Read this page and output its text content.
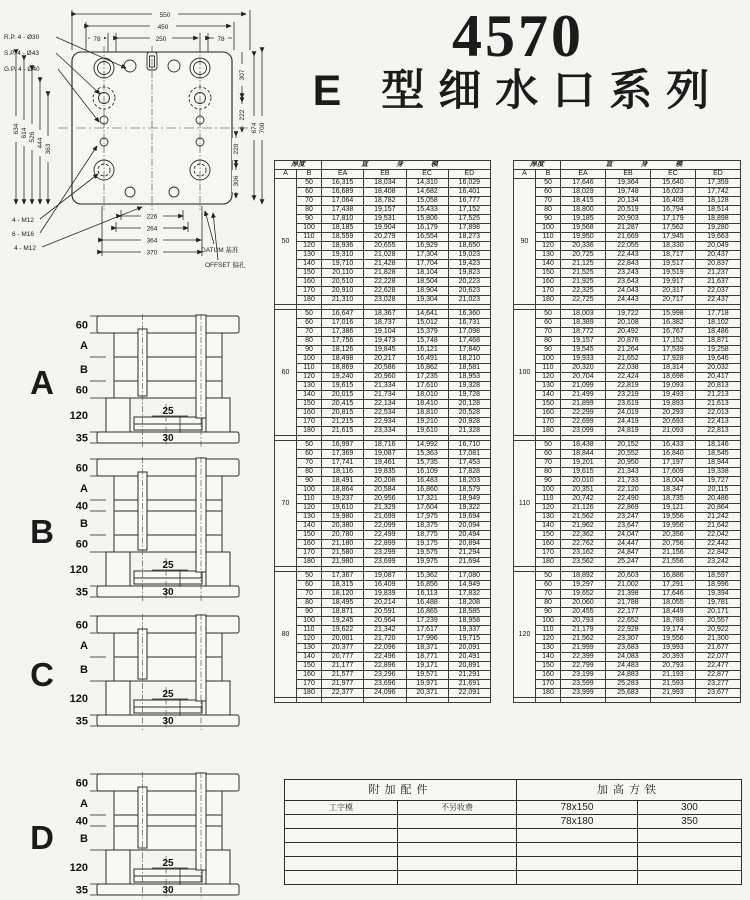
R.P. 4 - Ø30
S.P. 4 - Ø43
G.P. 4 - Ø40
550
450
78	250	78
634 614 526
444
363
307
222
220
306
674 700
226
264
364
370
4 - M12
6 - M16
4 - M12	DATUM 基准
OFFSET 偏孔
4570
E 型细水口系列
厚度		直 身 模			
A	B	EA	EB	EC	ED
50	50	16,315	18,034	14,310	16,029
	60	16,689	18,408	14,682	16,401
	70	17,064	18,782	15,058	16,777
	80	17,438	19,157	15,433	17,152
	90	17,810	19,531	15,806	17,525
	100	18,185	19,904	16,179	17,898
	110	18,559	20,279	16,554	18,273
	120	18,936	20,655	16,929	18,650
	130	19,310	21,028	17,304	19,023
	140	19,710	21,428	17,704	19,423
	150	20,110	21,828	18,104	19,823
	160	20,510	22,228	18,504	20,223
	170	20,910	22,628	18,904	20,623
	180	21,310	23,028	19,304	21,023

60	50	16,647	18,367	14,641	16,360
	60	17,016	18,737	15,012	16,731
	70	17,386	19,104	15,379	17,098
	80	17,756	19,473	15,748	17,468
	90	18,126	19,845	16,121	17,840
	100	18,498	20,217	16,491	18,210
	110	18,869	20,586	16,862	18,581
	120	19,240	20,960	17,235	18,953
	130	19,615	21,334	17,610	19,328
	140	20,015	21,734	18,010	19,728
	150	20,415	22,134	18,410	20,128
	160	20,815	22,534	18,810	20,528
	170	21,215	22,934	19,210	20,928
	180	21,615	23,334	19,610	21,328

70	50	16,997	18,716	14,992	16,710
	60	17,369	19,087	15,363	17,081
	70	17,741	19,461	15,735	17,453
	80	18,116	19,835	16,109	17,828
	90	18,491	20,208	16,483	18,203
	100	18,864	20,584	16,860	18,579
	110	19,237	20,956	17,321	18,949
	120	19,610	21,329	17,604	19,322
	130	19,980	21,699	17,975	19,694
	140	20,380	22,099	18,375	20,094
	150	20,780	22,499	18,775	20,494
	160	21,180	22,899	19,175	20,894
	170	21,580	23,299	19,575	21,294
	180	21,980	23,699	19,975	21,694

80	50	17,367	19,087	15,362	17,080
	60	18,315	16,409	16,856	14,949
	70	18,120	19,839	16,113	17,832
	80	18,495	20,214	16,488	18,208
	90	18,871	20,591	16,865	18,585
	100	19,245	20,964	17,239	18,958
	110	19,622	21,342	17,617	19,337
	120	20,001	21,720	17,996	19,715
	130	20,377	22,096	18,371	20,091
	140	20,777	22,496	18,771	20,491
	150	21,177	22,896	19,171	20,891
	160	21,577	23,296	19,571	21,291
	170	21,977	23,696	19,971	21,691
	180	22,377	24,096	20,371	22,091

厚度		直 身 模			
A	B	EA	EB	EC	ED
90	50	17,646	19,364	15,640	17,359
	60	18,029	19,748	16,023	17,742
	70	18,415	20,134	16,409	18,128
	80	18,800	20,519	16,794	18,514
	90	19,185	20,903	17,179	18,898
	100	19,568	21,287	17,562	19,280
	110	19,950	21,669	17,945	19,663
	120	20,336	22,055	18,330	20,049
	130	20,725	22,443	18,717	20,437
	140	21,125	22,843	19,517	20,837
	150	21,525	23,243	19,519	21,237
	160	21,925	23,643	19,917	21,637
	170	22,325	24,043	20,317	22,037
	180	22,725	24,443	20,717	22,437

100	50	18,003	19,722	15,998	17,718
	60	18,389	20,108	16,382	18,102
	70	18,772	20,492	16,767	18,486
	80	19,157	20,876	17,152	18,871
	90	19,545	21,264	17,539	19,258
	100	19,933	21,652	17,928	19,646
	110	20,320	22,038	18,314	20,032
	120	20,704	22,424	18,698	20,417
	130	21,099	22,819	19,093	20,813
	140	21,499	23,219	19,493	21,213
	150	21,899	23,619	19,893	21,613
	160	22,299	24,019	20,293	22,013
	170	22,699	24,419	20,693	22,413
	180	23,099	24,819	21,093	22,813

110	50	18,438	20,152	16,433	18,146
	60	18,844	20,552	16,840	18,545
	70	19,201	20,950	17,197	18,944
	80	19,615	21,343	17,609	19,338
	90	20,010	21,733	18,004	19,727
	100	20,351	22,120	18,347	20,115
	110	20,742	22,490	18,735	20,486
	120	21,126	22,869	19,121	20,864
	130	21,562	23,247	19,556	21,242
	140	21,962	23,647	19,956	21,642
	150	22,362	24,047	20,356	22,042
	160	22,762	24,447	20,756	22,442
	170	23,162	24,847	21,156	22,842
	180	23,562	25,247	21,556	23,242

120	50	18,892	20,603	16,886	18,597
	60	19,297	21,002	17,291	18,996
	70	19,652	21,398	17,646	19,394
	80	20,060	21,788	18,055	19,781
	90	20,455	22,177	18,449	20,171
	100	20,793	22,652	18,789	20,557
	110	21,179	22,928	19,174	20,922
	120	21,562	23,307	19,556	21,300
	130	21,999	23,683	19,993	21,677
	140	22,399	24,083	20,393	22,077
	150	22,799	24,483	20,793	22,477
	160	23,199	24,883	21,193	22,877
	170	23,599	25,283	21,593	23,277
	180	23,999	25,683	21,993	23,677

A
60
A
B
60
120
35
25
30
B
60
A
40
B
60
120
35
25
30
C
60
A
B
120
35
25
30
D
60
A
40
B
120
35
25
30
附加配件		加高方铁	
工字模	不另收费	78x150	300
		78x180	350
